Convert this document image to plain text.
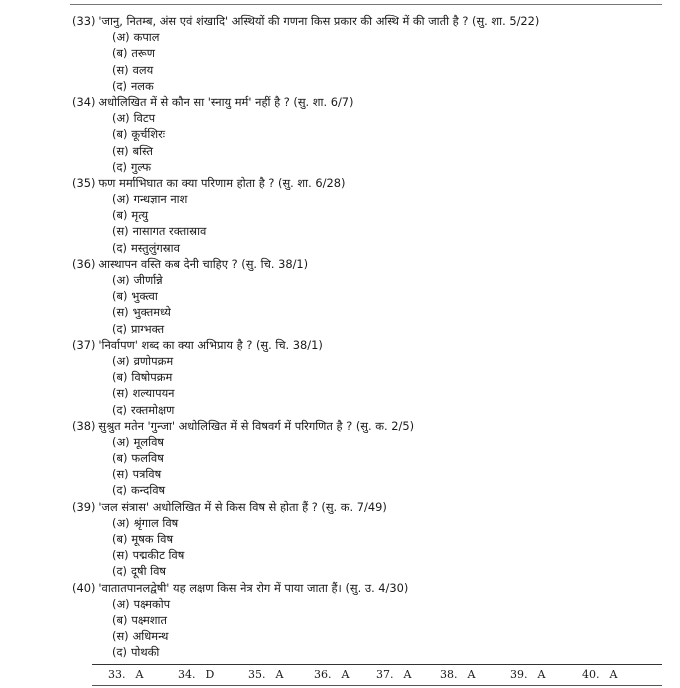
(33) 'जानु, नितम्ब, अंस एवं शंखादि' अस्थियों की गणना किस प्रकार की अस्थि में की जाती है ? (सु. शा. 5/22)
(अ) कपाल
(ब) तरूण
(स) वलय
(द) नलक
(34) अधोलिखित में से कौन सा 'स्नायु मर्म' नहीं है ? (सु. शा. 6/7)
(अ) विटप
(ब) कूर्चशिरः
(स) बस्ति
(द) गुल्फ
(35) फण मर्माभिघात का क्या परिणाम होता है ? (सु. शा. 6/28)
(अ) गन्धज्ञान नाश
(ब) मृत्यु
(स) नासागत रक्तास्राव
(द) मस्तुलुंगस्राव
(36) आस्थापन वस्ति कब देनी चाहिए ? (सु. चि. 38/1)
(अ) जीर्णान्ने
(ब) भुक्त्वा
(स) भुक्तमध्ये
(द) प्राग्भक्त
(37) 'निर्वापण' शब्द का क्या अभिप्राय है ? (सु. चि. 38/1)
(अ) व्रणोपक्रम
(ब) विषोपक्रम
(स) शल्यापयन
(द) रक्तमोक्षण
(38) सुश्रुत मतेन 'गुन्जा' अधोलिखित में से विषवर्ग में परिगणित है ? (सु. क. 2/5)
(अ) मूलविष
(ब) फलविष
(स) पत्रविष
(द) कन्दविष
(39) 'जल संत्रास' अधोलिखित में से किस विष से होता हैं ? (सु. क. 7/49)
(अ) श्रृंगाल विष
(ब) मूषक विष
(स) पद्मकीट विष
(द) दूषी विष
(40) 'वातातपानलद्वेषी' यह लक्षण किस नेत्र रोग में पाया जाता हैं। (सु. उ. 4/30)
(अ) पक्ष्मकोप
(ब) पक्ष्मशात
(स) अधिमन्थ
(द) पोथकी
33. A	34. D	35. A	36. A 37. A	38. A	39. A	40. A
